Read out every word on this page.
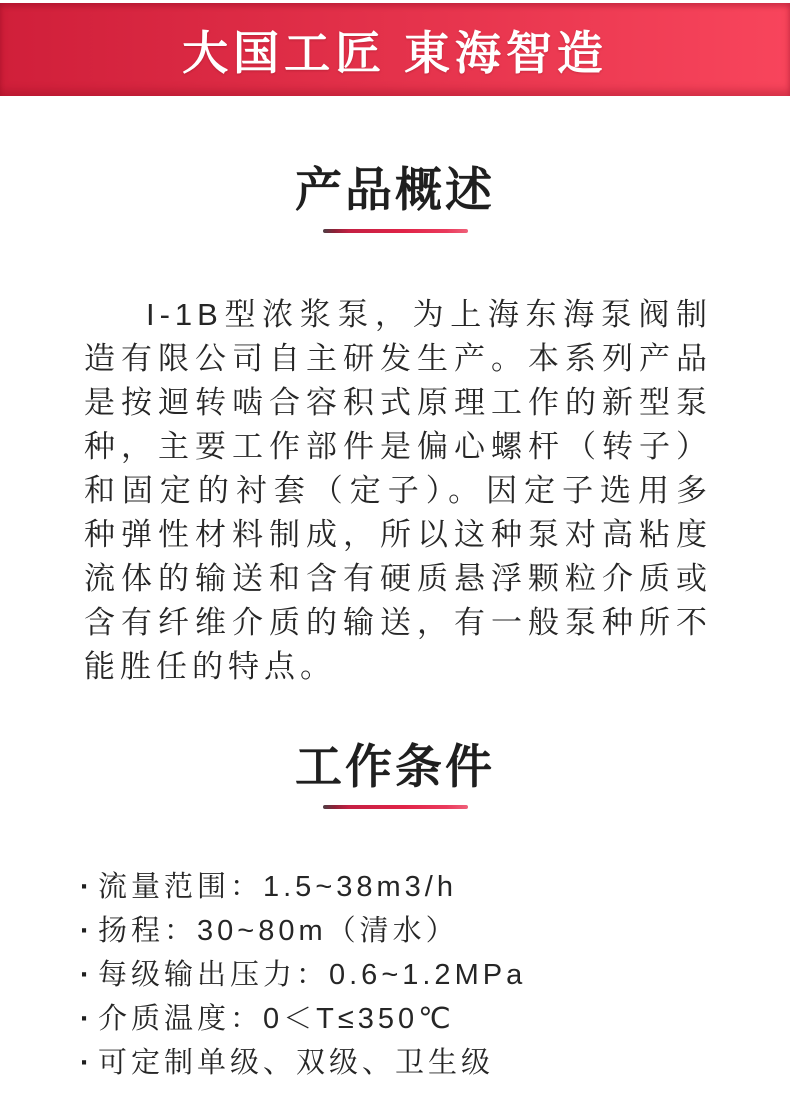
大国工匠 東海智造
产品概述

I-1B型浓浆泵，为上海东海泵阀制造有限公司自主研发生产。本系列产品是按迴转啮合容积式原理工作的新型泵种，主要工作部件是偏心螺杆（转子）和固定的衬套（定子）。因定子选用多种弹性材料制成，所以这种泵对高粘度流体的输送和含有硬质悬浮颗粒介质或含有纤维介质的输送，有一般泵种所不能胜任的特点。

工作条件
· 流量范围：1.5~38m3/h
· 扬程：30~80m（清水）
· 每级输出压力：0.6~1.2MPa
· 介质温度：0＜T≤350℃
· 可定制单级、双级、卫生级
